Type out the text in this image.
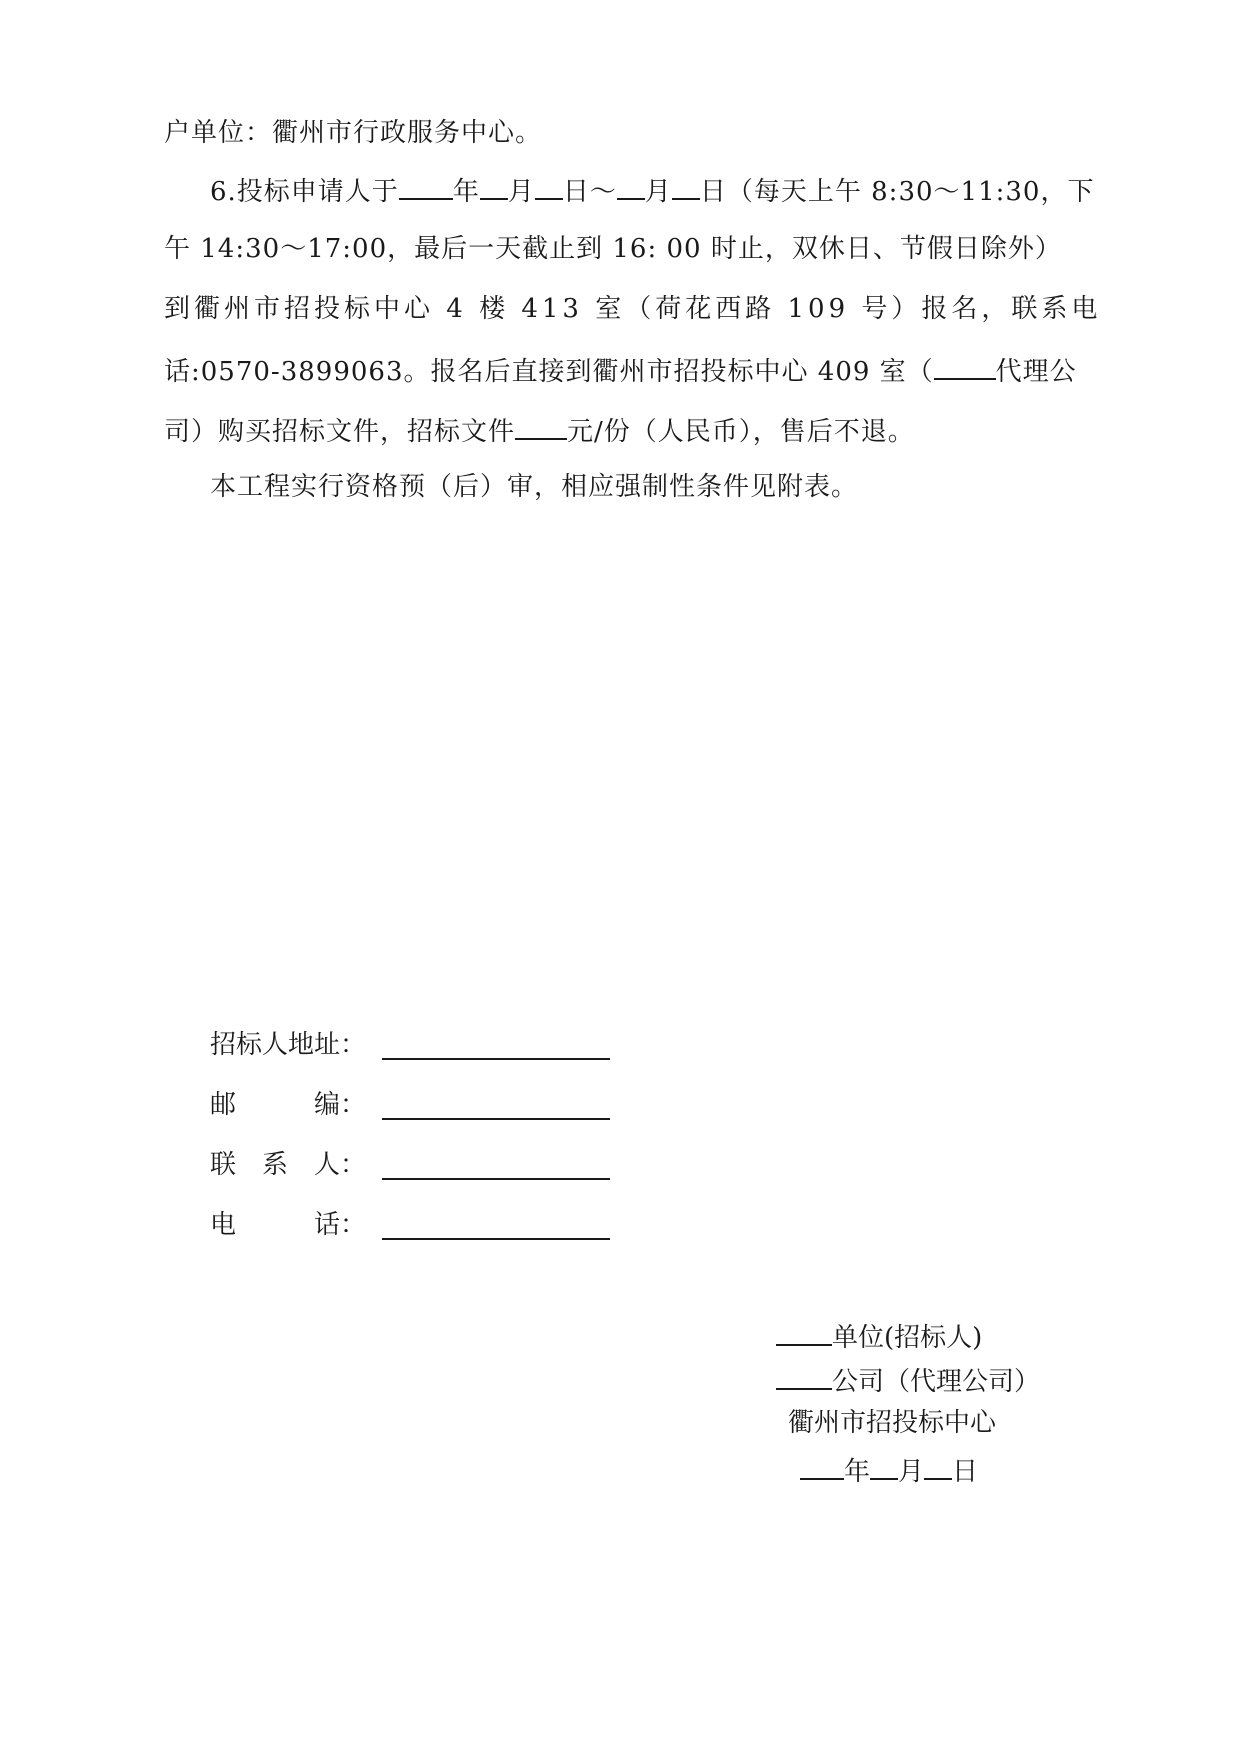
户单位：衢州市行政服务中心。
6.投标申请人于 年 月 日～ 月 日（每天上午 8:30～11:30，下
午 14:30～17:00，最后一天截止到 16: 00 时止，双休日、节假日除外）
到衢州市招投标中心 4 楼 413 室（荷花西路 109 号）报名，联系电
话:0570-3899063。报名后直接到衢州市招投标中心 409 室（ 代理公
司）购买招标文件，招标文件 元/份（人民币），售后不退。
本工程实行资格预（后）审，相应强制性条件见附表。
招标人地址：
邮　　　编：
联　系　人：
电　　　话：
单位(招标人)
公司（代理公司）
衢州市招投标中心
年 月 日
